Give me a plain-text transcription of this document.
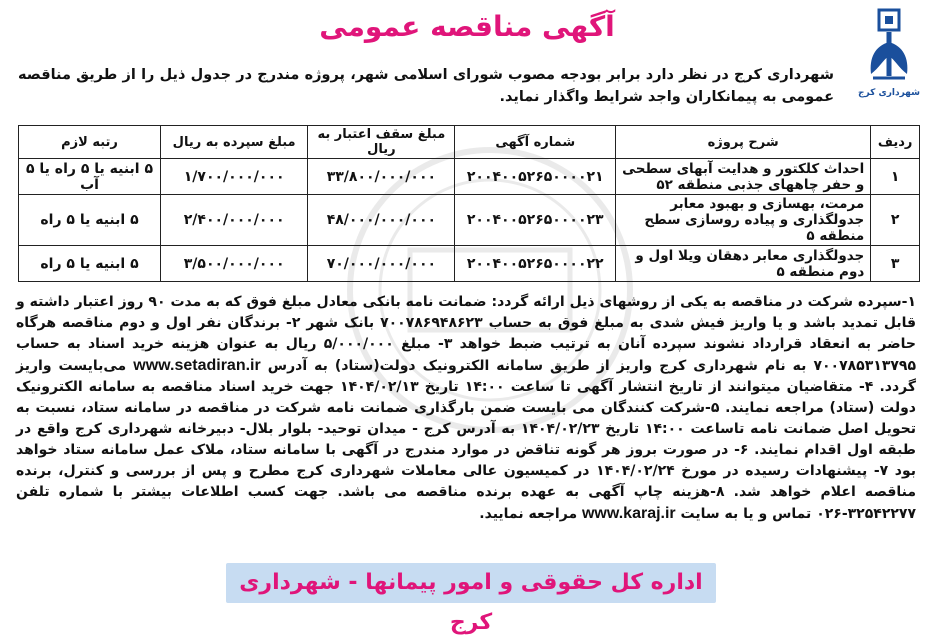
شهرداری کرج
آگهی مناقصه عمومی
شهرداری کرج در نظر دارد برابر بودجه مصوب شورای اسلامی شهر، پروژه مندرج در جدول ذیل را از طریق مناقصه عمومی به پیمانکاران واجد شرایط واگذار نماید.
ردیف	شرح پروژه	شماره آگهی	مبلغ سقف اعتبار به ریال	مبلغ سپرده به ریال	رتبه لازم
۱	احداث کلکتور و هدایت آبهای سطحی و حفر چاههای جذبی منطقه ۵۲	۲۰۰۴۰۰۵۲۶۵۰۰۰۰۲۱	۳۳/۸۰۰/۰۰۰/۰۰۰	۱/۷۰۰/۰۰۰/۰۰۰	۵ ابنیه یا ۵ راه یا ۵ آب
۲	مرمت، بهسازی و بهبود معابر جدولگذاری و پیاده روسازی سطح منطقه ۵	۲۰۰۴۰۰۵۲۶۵۰۰۰۰۲۳	۴۸/۰۰۰/۰۰۰/۰۰۰	۲/۴۰۰/۰۰۰/۰۰۰	۵ ابنیه یا ۵ راه
۳	جدولگذاری معابر دهقان ویلا اول و دوم منطقه ۵	۲۰۰۴۰۰۵۲۶۵۰۰۰۰۲۲	۷۰/۰۰۰/۰۰۰/۰۰۰	۳/۵۰۰/۰۰۰/۰۰۰	۵ ابنیه یا ۵ راه
۱-سپرده شرکت در مناقصه به یکی از روشهای ذیل ارائه گردد: ضمانت نامه بانکی معادل مبلغ فوق که به مدت ۹۰ روز اعتبار داشته و قابل تمدید باشد و یا واریز فیش شدی به مبلغ فوق به حساب ۷۰۰۷۸۶۹۴۸۶۲۳ بانک شهر ۲- برندگان نفر اول و دوم مناقصه هرگاه حاضر به انعقاد قرارداد نشوند سپرده آنان به ترتیب ضبط خواهد ۳- مبلغ ۵/۰۰۰/۰۰۰ ریال به عنوان هزینه خرید اسناد به حساب ۷۰۰۷۸۵۳۱۳۷۹۵ به نام شهرداری کرج واریز از طریق سامانه الکترونیک دولت(ستاد) به آدرس www.setadiran.ir می‌بایست واریز گردد. ۴- متقاضیان میتوانند از تاریخ انتشار آگهی تا ساعت ۱۴:۰۰ تاریخ ۱۴۰۴/۰۲/۱۳ جهت خرید اسناد مناقصه به سامانه الکترونیک دولت (ستاد) مراجعه نمایند. ۵-شرکت کنندگان می بایست ضمن بارگذاری ضمانت نامه شرکت در مناقصه در سامانه ستاد، نسبت به تحویل اصل ضمانت نامه تاساعت ۱۴:۰۰ تاریخ ۱۴۰۴/۰۲/۲۳ به آدرس کرج - میدان توحید- بلوار بلال- دبیرخانه شهرداری کرج واقع در طبقه اول اقدام نمایند. ۶- در صورت بروز هر گونه تناقض در موارد مندرج در آگهی با سامانه ستاد، ملاک عمل سامانه ستاد خواهد بود ۷- پیشنهادات رسیده در مورخ ۱۴۰۴/۰۲/۲۴ در کمیسیون عالی معاملات شهرداری کرج مطرح و پس از بررسی و کنترل، برنده مناقصه اعلام خواهد شد. ۸-هزینه چاپ آگهی به عهده برنده مناقصه می باشد. جهت کسب اطلاعات بیشتر با شماره تلفن ۳۲۵۴۲۲۷۷-۰۲۶ تماس و یا به سایت www.karaj.ir مراجعه نمایید.
اداره کل حقوقی و امور پیمانها - شهرداری کرج
